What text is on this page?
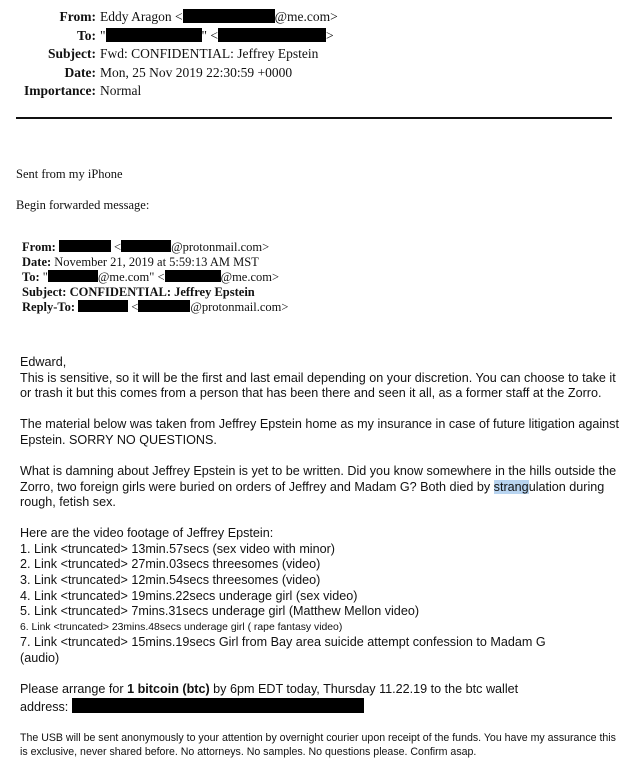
From: Eddy Aragon <	@me.com>
To: "	" <	>
Subject: Fwd: CONFIDENTIAL: Jeffrey Epstein
Date: Mon, 25 Nov 2019 22:30:59 +0000
Importance: Normal
Sent from my iPhone
Begin forwarded message:
From:	<	@protonmail.com>
Date: November 21, 2019 at 5:59:13 AM MST
To: "	@me.com" <	@me.com>
Subject: CONFIDENTIAL: Jeffrey Epstein
Reply-To:	<	@protonmail.com>

Edward,
This is sensitive, so it will be the first and last email depending on your discretion. You can choose to take it or trash it but this comes from a person that has been there and seen it all, as a former staff at the Zorro.

The material below was taken from Jeffrey Epstein home as my insurance in case of future litigation against Epstein. SORRY NO QUESTIONS.

What is damning about Jeffrey Epstein is yet to be written. Did you know somewhere in the hills outside the Zorro, two foreign girls were buried on orders of Jeffrey and Madam G? Both died by strangulation during rough, fetish sex.

Here are the video footage of Jeffrey Epstein:
1. Link <truncated> 13min.57secs (sex video with minor)
2. Link <truncated> 27min.03secs threesomes (video)
3. Link <truncated> 12min.54secs threesomes (video)
4. Link <truncated> 19mins.22secs underage girl (sex video)
5. Link <truncated> 7mins.31secs underage girl (Matthew Mellon video)
6. Link <truncated> 23mins.48secs underage girl ( rape fantasy video)
7. Link <truncated> 15mins.19secs Girl from Bay area suicide attempt confession to Madam G
(audio)

Please arrange for 1 bitcoin (btc) by 6pm EDT today, Thursday 11.22.19 to the btc wallet
address:

The USB will be sent anonymously to your attention by overnight courier upon receipt of the funds. You have my assurance this is exclusive, never shared before. No attorneys. No samples. No questions please. Confirm asap.
